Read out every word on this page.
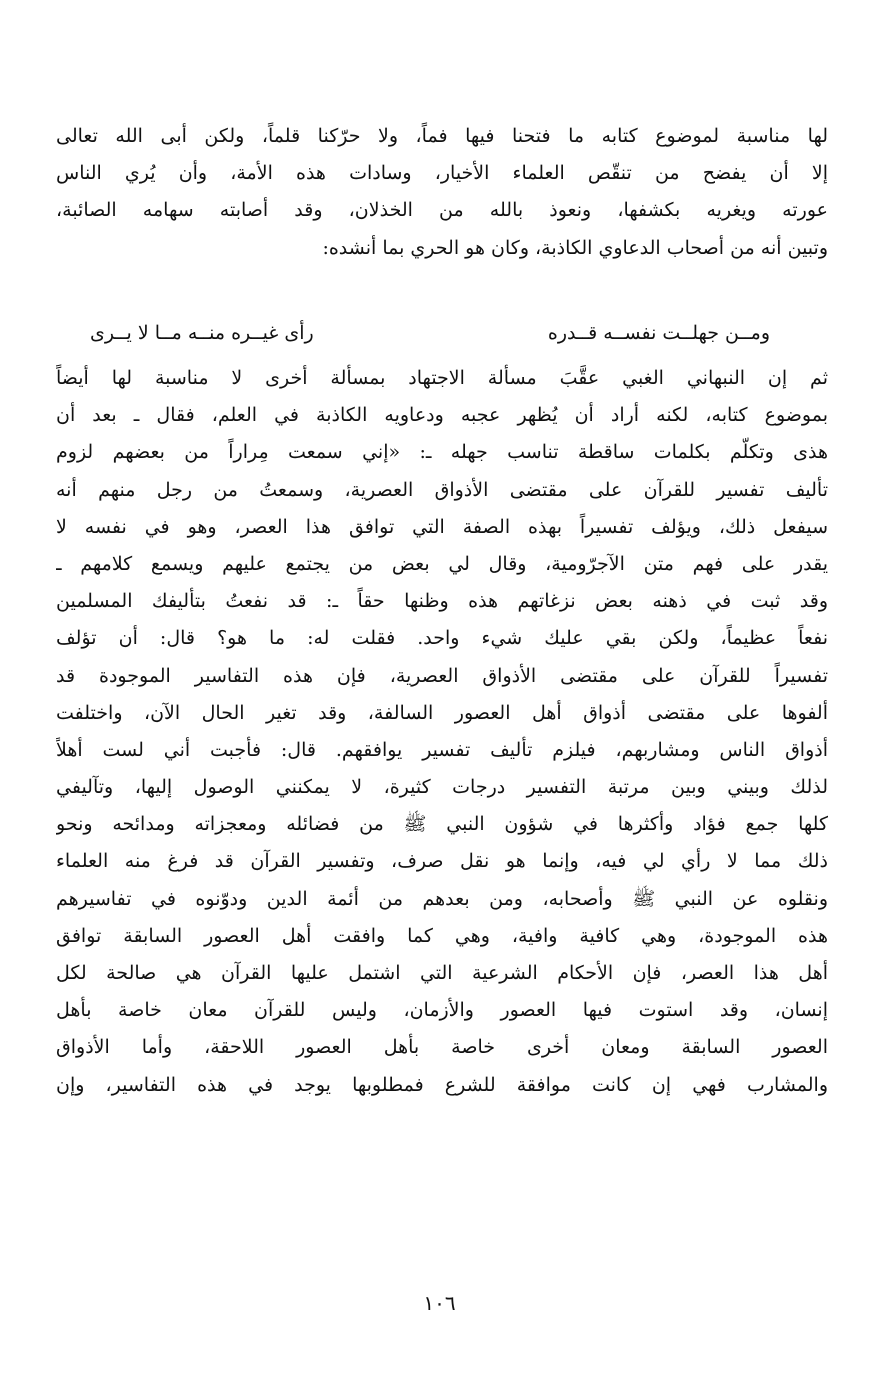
لها مناسبة لموضوع كتابه ما فتحنا فيها فماً، ولا حرّكنا قلماً، ولكن أبى الله تعالى
إلا أن يفضح من تنقّص العلماء الأخيار، وسادات هذه الأمة، وأن يُري الناس
عورته ويغريه بكشفها، ونعوذ بالله من الخذلان، وقد أصابته سهامه الصائبة،
وتبين أنه من أصحاب الدعاوي الكاذبة، وكان هو الحري بما أنشده:
ومــن جهلــت نفســه قــدره
رأى غيــره منــه مــا لا يــرى
ثم إن النبهاني الغبي عقَّبَ مسألة الاجتهاد بمسألة أخرى لا مناسبة لها أيضاً
بموضوع كتابه، لكنه أراد أن يُظهر عجبه ودعاويه الكاذبة في العلم، فقال ـ بعد أن
هذى وتكلّم بكلمات ساقطة تناسب جهله ـ: «إني سمعت مِراراً من بعضهم لزوم
تأليف تفسير للقرآن على مقتضى الأذواق العصرية، وسمعتُ من رجل منهم أنه
سيفعل ذلك، ويؤلف تفسيراً بهذه الصفة التي توافق هذا العصر، وهو في نفسه لا
يقدر على فهم متن الآجرّومية، وقال لي بعض من يجتمع عليهم ويسمع كلامهم ـ
وقد ثبت في ذهنه بعض نزغاتهم هذه وظنها حقاً ـ: قد نفعتُ بتأليفك المسلمين
نفعاً عظيماً، ولكن بقي عليك شيء واحد. فقلت له: ما هو؟ قال: أن تؤلف
تفسيراً للقرآن على مقتضى الأذواق العصرية، فإن هذه التفاسير الموجودة قد
ألفوها على مقتضى أذواق أهل العصور السالفة، وقد تغير الحال الآن، واختلفت
أذواق الناس ومشاربهم، فيلزم تأليف تفسير يوافقهم. قال: فأجبت أني لست أهلاً
لذلك وبيني وبين مرتبة التفسير درجات كثيرة، لا يمكنني الوصول إليها، وتآليفي
كلها جمع فؤاد وأكثرها في شؤون النبي ﷺ من فضائله ومعجزاته ومدائحه ونحو
ذلك مما لا رأي لي فيه، وإنما هو نقل صرف، وتفسير القرآن قد فرغ منه العلماء
ونقلوه عن النبي ﷺ وأصحابه، ومن بعدهم من أئمة الدين ودوّنوه في تفاسيرهم
هذه الموجودة، وهي كافية وافية، وهي كما وافقت أهل العصور السابقة توافق
أهل هذا العصر، فإن الأحكام الشرعية التي اشتمل عليها القرآن هي صالحة لكل
إنسان، وقد استوت فيها العصور والأزمان، وليس للقرآن معان خاصة بأهل
العصور السابقة ومعان أخرى خاصة بأهل العصور اللاحقة، وأما الأذواق
والمشارب فهي إن كانت موافقة للشرع فمطلوبها يوجد في هذه التفاسير، وإن
١٠٦
